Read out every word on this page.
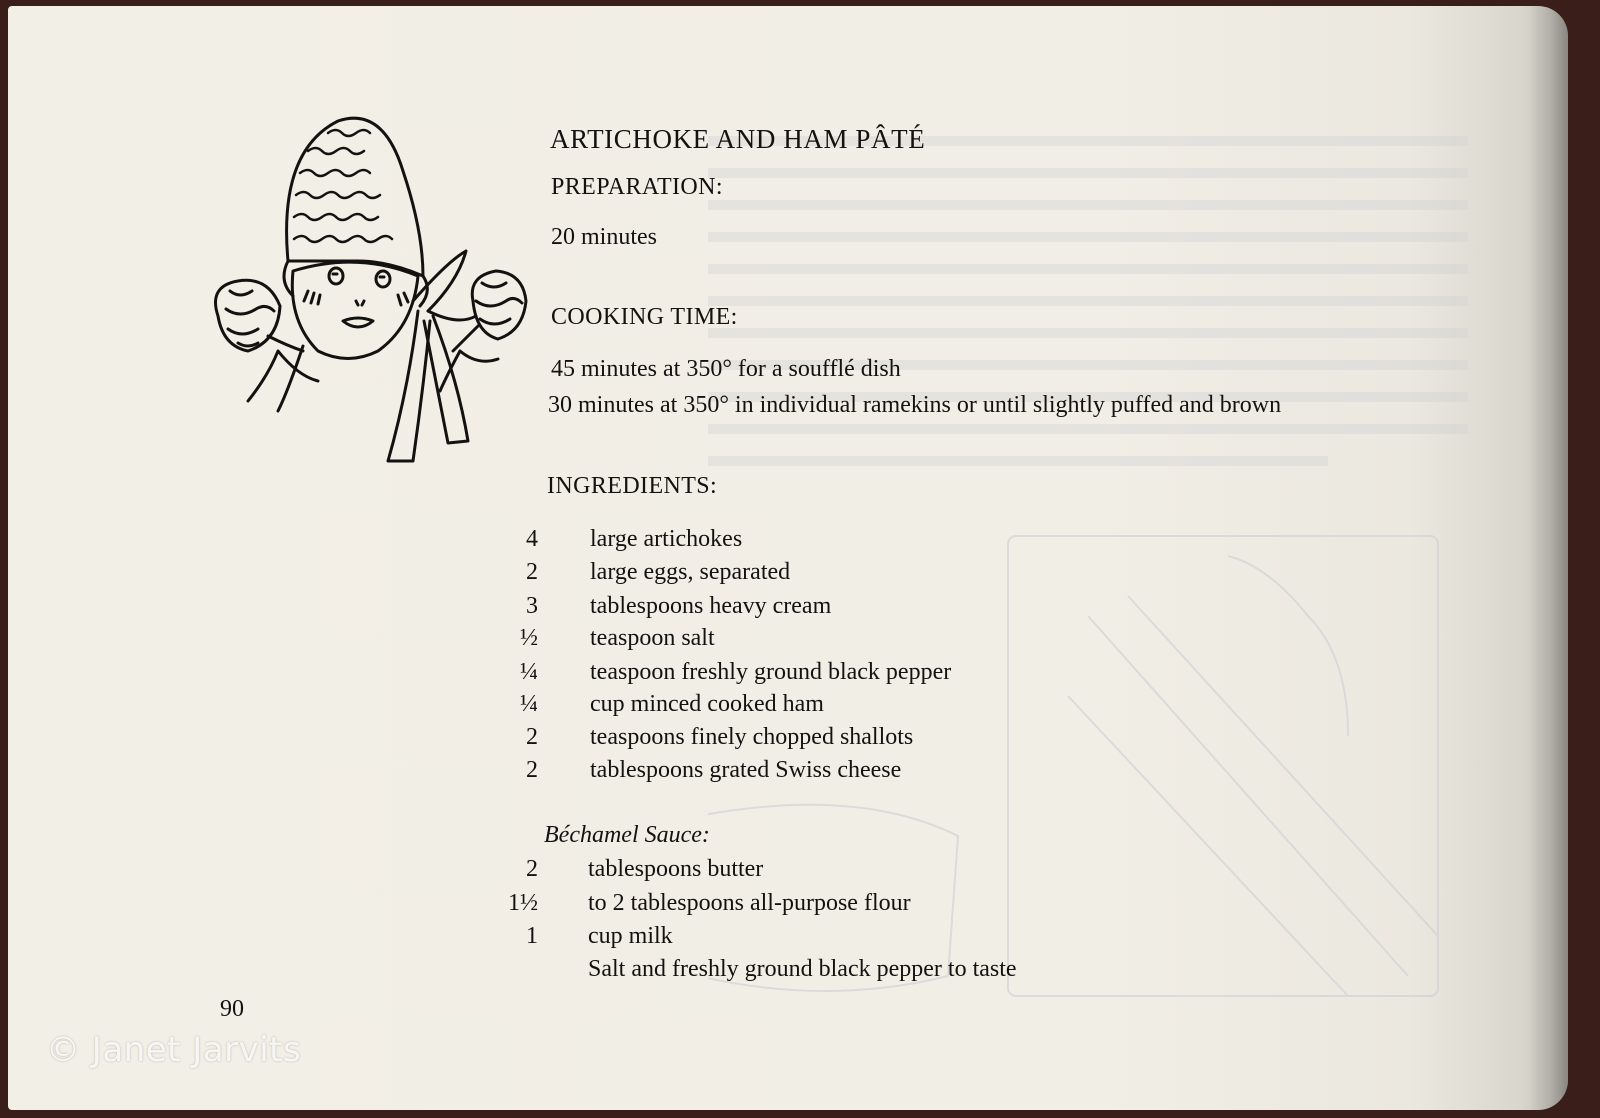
ARTICHOKE AND HAM PÂTÉ
PREPARATION:
20 minutes
COOKING TIME:
45 minutes at 350° for a soufflé dish
30 minutes at 350° in individual ramekins or until slightly puffed and brown
INGREDIENTS:
4 large artichokes
2 large eggs, separated
3 tablespoons heavy cream
½ teaspoon salt
¼ teaspoon freshly ground black pepper
¼ cup minced cooked ham
2 teaspoons finely chopped shallots
2 tablespoons grated Swiss cheese
Béchamel Sauce:
2 tablespoons butter
1½ to 2 tablespoons all-purpose flour
1 cup milk
Salt and freshly ground black pepper to taste
90
© Janet Jarvits
